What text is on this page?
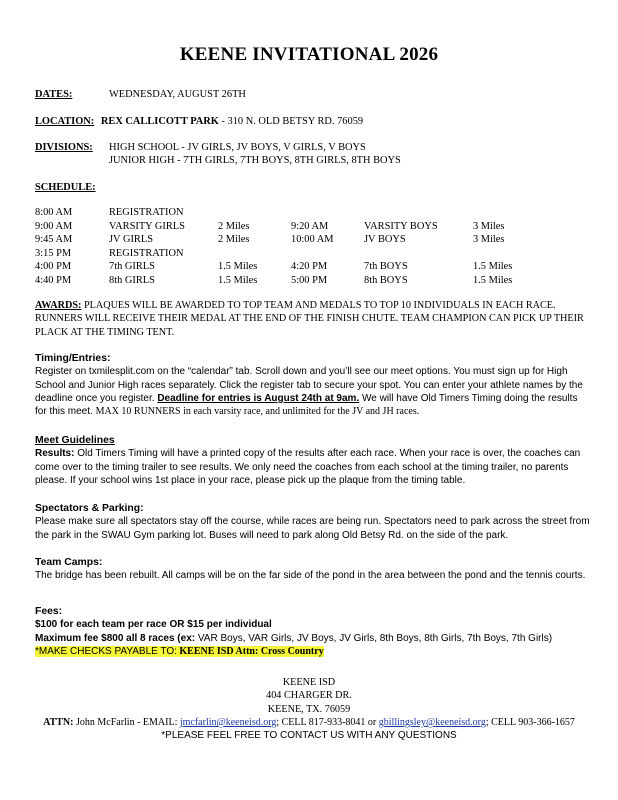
KEENE INVITATIONAL 2026
DATES:	WEDNESDAY, AUGUST 26TH
LOCATION: REX CALLICOTT PARK - 310 N. OLD BETSY RD. 76059
DIVISIONS: HIGH SCHOOL - JV GIRLS, JV BOYS, V GIRLS, V BOYS
JUNIOR HIGH - 7TH GIRLS, 7TH BOYS, 8TH GIRLS, 8TH BOYS
SCHEDULE:
8:00 AM	REGISTRATION
9:00 AM	VARSITY GIRLS	2 Miles	9:20 AM	VARSITY BOYS	3 Miles
9:45 AM	JV GIRLS	2 Miles	10:00 AM	JV BOYS	3 Miles
3:15 PM	REGISTRATION
4:00 PM	7th GIRLS	1.5 Miles	4:20 PM	7th BOYS	1.5 Miles
4:40 PM	8th GIRLS	1.5 Miles	5:00 PM	8th BOYS	1.5 Miles
AWARDS: PLAQUES WILL BE AWARDED TO TOP TEAM AND MEDALS TO TOP 10 INDIVIDUALS IN EACH RACE. RUNNERS WILL RECEIVE THEIR MEDAL AT THE END OF THE FINISH CHUTE. TEAM CHAMPION CAN PICK UP THEIR PLACK AT THE TIMING TENT.
Timing/Entries:
Register on txmilesplit.com on the “calendar” tab. Scroll down and you’ll see our meet options. You must sign up for High School and Junior High races separately. Click the register tab to secure your spot. You can enter your athlete names by the deadline once you register. Deadline for entries is August 24th at 9am. We will have Old Timers Timing doing the results for this meet. MAX 10 RUNNERS in each varsity race, and unlimited for the JV and JH races.
Meet Guidelines
Results: Old Timers Timing will have a printed copy of the results after each race. When your race is over, the coaches can come over to the timing trailer to see results. We only need the coaches from each school at the timing trailer, no parents please. If your school wins 1st place in your race, please pick up the plaque from the timing table.
Spectators & Parking:
Please make sure all spectators stay off the course, while races are being run. Spectators need to park across the street from the park in the SWAU Gym parking lot. Buses will need to park along Old Betsy Rd. on the side of the park.
Team Camps:
The bridge has been rebuilt. All camps will be on the far side of the pond in the area between the pond and the tennis courts.
Fees:
$100 for each team per race OR $15 per individual
Maximum fee $800 all 8 races (ex: VAR Boys, VAR Girls, JV Boys, JV Girls, 8th Boys, 8th Girls, 7th Boys, 7th Girls)
*MAKE CHECKS PAYABLE TO: KEENE ISD Attn: Cross Country
KEENE ISD
404 CHARGER DR.
KEENE, TX. 76059
ATTN: John McFarlin - EMAIL: jmcfarlin@keeneisd.org; CELL 817-933-8041 or gbillingsley@keeneisd.org; CELL 903-366-1657
*PLEASE FEEL FREE TO CONTACT US WITH ANY QUESTIONS
